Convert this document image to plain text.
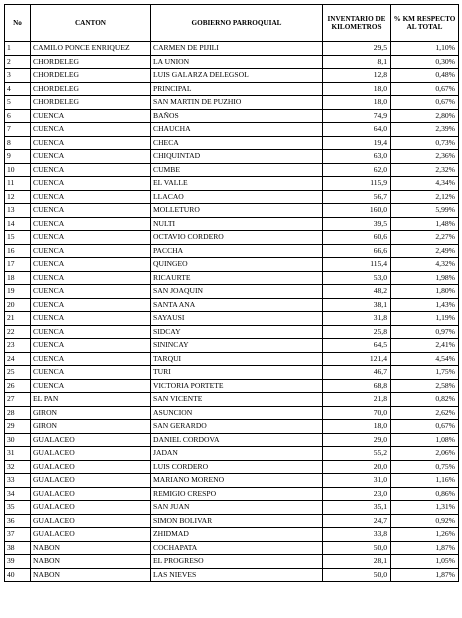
No	CANTON	GOBIERNO PARROQUIAL	INVENTARIO DE KILOMETROS	% KM RESPECTO AL TOTAL
1	CAMILO PONCE ENRIQUEZ	CARMEN DE PIJILI	29,5	1,10%
2	CHORDELEG	LA UNION	8,1	0,30%
3	CHORDELEG	LUIS GALARZA DELEGSOL	12,8	0,48%
4	CHORDELEG	PRINCIPAL	18,0	0,67%
5	CHORDELEG	SAN MARTIN DE PUZHIO	18,0	0,67%
6	CUENCA	BAÑOS	74,9	2,80%
7	CUENCA	CHAUCHA	64,0	2,39%
8	CUENCA	CHECA	19,4	0,73%
9	CUENCA	CHIQUINTAD	63,0	2,36%
10	CUENCA	CUMBE	62,0	2,32%
11	CUENCA	EL VALLE	115,9	4,34%
12	CUENCA	LLACAO	56,7	2,12%
13	CUENCA	MOLLETURO	160,0	5,99%
14	CUENCA	NULTI	39,5	1,48%
15	CUENCA	OCTAVIO CORDERO	60,6	2,27%
16	CUENCA	PACCHA	66,6	2,49%
17	CUENCA	QUINGEO	115,4	4,32%
18	CUENCA	RICAURTE	53,0	1,98%
19	CUENCA	SAN JOAQUIN	48,2	1,80%
20	CUENCA	SANTA ANA	38,1	1,43%
21	CUENCA	SAYAUSI	31,8	1,19%
22	CUENCA	SIDCAY	25,8	0,97%
23	CUENCA	SININCAY	64,5	2,41%
24	CUENCA	TARQUI	121,4	4,54%
25	CUENCA	TURI	46,7	1,75%
26	CUENCA	VICTORIA PORTETE	68,8	2,58%
27	EL PAN	SAN VICENTE	21,8	0,82%
28	GIRON	ASUNCION	70,0	2,62%
29	GIRON	SAN GERARDO	18,0	0,67%
30	GUALACEO	DANIEL CORDOVA	29,0	1,08%
31	GUALACEO	JADAN	55,2	2,06%
32	GUALACEO	LUIS CORDERO	20,0	0,75%
33	GUALACEO	MARIANO MORENO	31,0	1,16%
34	GUALACEO	REMIGIO CRESPO	23,0	0,86%
35	GUALACEO	SAN JUAN	35,1	1,31%
36	GUALACEO	SIMON BOLIVAR	24,7	0,92%
37	GUALACEO	ZHIDMAD	33,8	1,26%
38	NABON	COCHAPATA	50,0	1,87%
39	NABON	EL PROGRESO	28,1	1,05%
40	NABON	LAS NIEVES	50,0	1,87%
